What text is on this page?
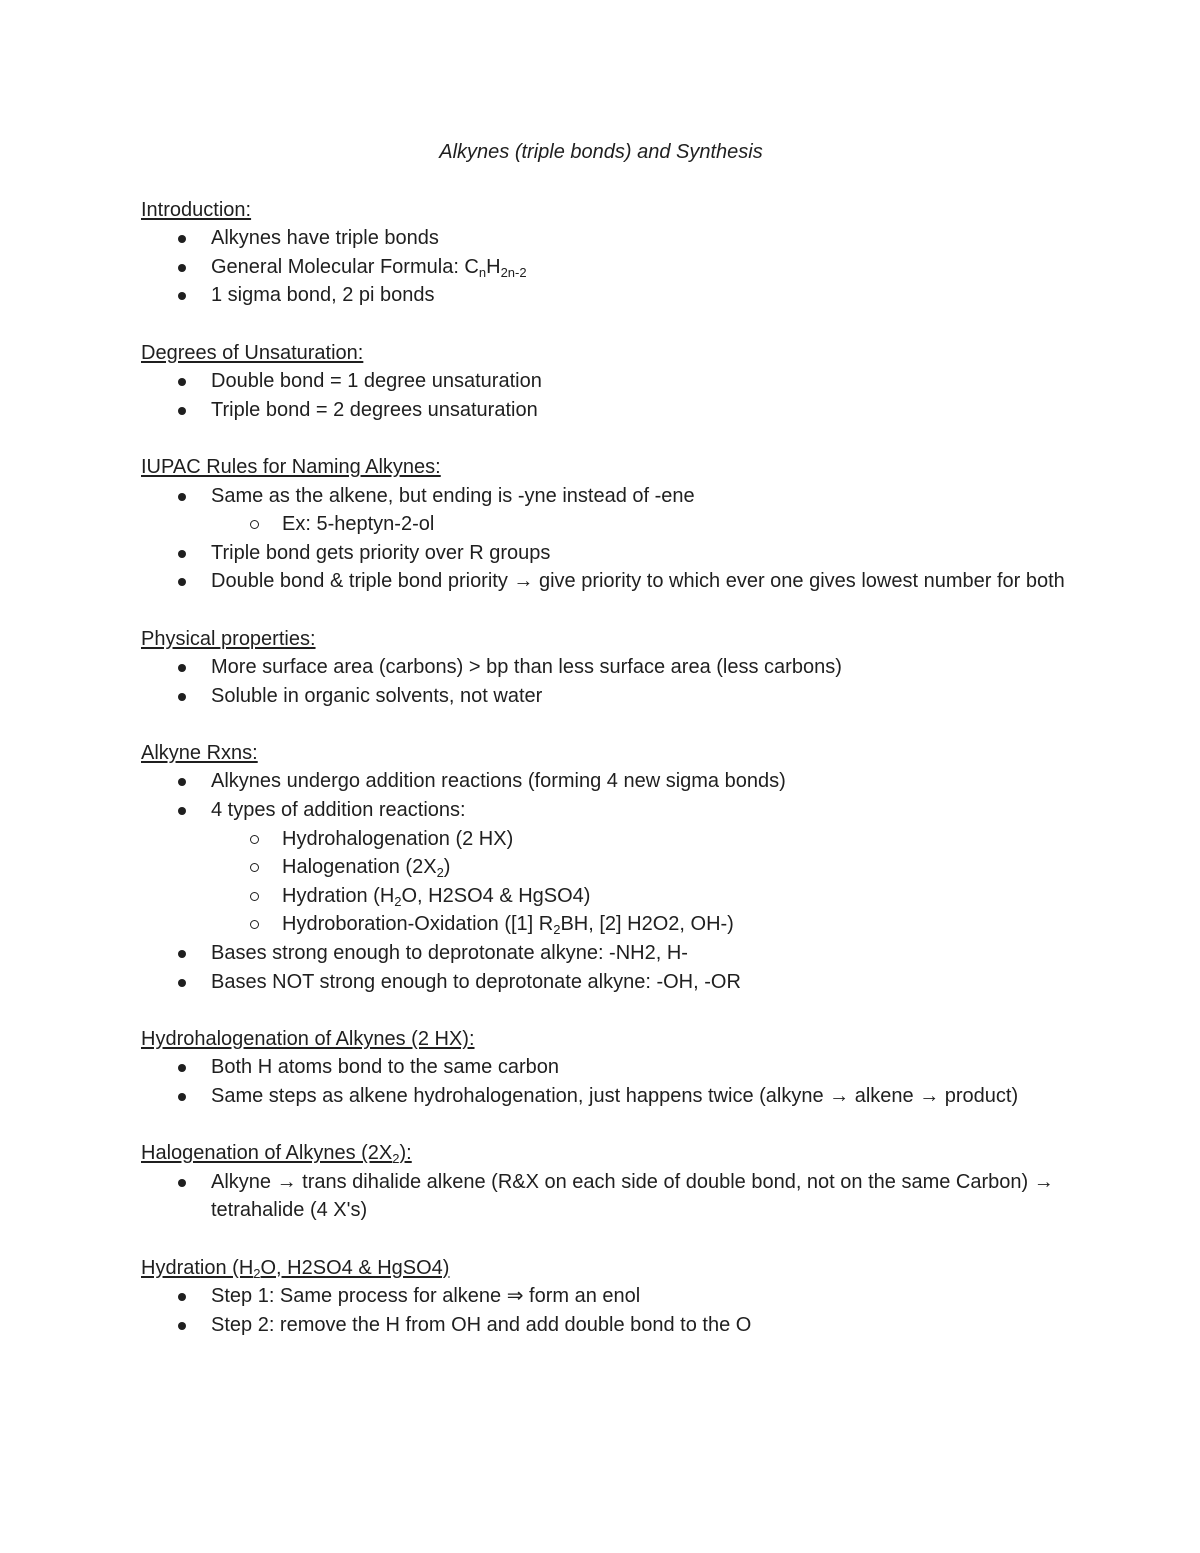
Alkynes (triple bonds) and Synthesis

Introduction:

Alkynes have triple bonds
General Molecular Formula: $C_nH_{2n-2}$
1 sigma bond, 2 pi bonds

Degrees of Unsaturation:

Double bond = 1 degree unsaturation
Triple bond = 2 degrees unsaturation

IUPAC Rules for Naming Alkynes:

Same as the alkene, but ending is -yne instead of -ene
Ex: 5-heptyn-2-ol
Triple bond gets priority over R groups
Double bond & triple bond priority → give priority to which ever one gives lowest number for both

Physical properties:

More surface area (carbons) > bp than less surface area (less carbons)
Soluble in organic solvents, not water

Alkyne Rxns:

Alkynes undergo addition reactions (forming 4 new sigma bonds)
4 types of addition reactions:
Hydrohalogenation (2 HX)
Halogenation $(2X_2)$
Hydration ($H_2O$, H2SO4 & HgSO4)
Hydroboration-Oxidation ([1] $R_2BH$, [2] H2O2, OH-)
Bases strong enough to deprotonate alkyne: -NH2, H-
Bases NOT strong enough to deprotonate alkyne: -OH, -OR

Hydrohalogenation of Alkynes (2 HX):

Both H atoms bond to the same carbon
Same steps as alkene hydrohalogenation, just happens twice (alkyne → alkene → product)

Halogenation of Alkynes $(2X_2)$:

Alkyne → trans dihalide alkene (R&X on each side of double bond, not on the same Carbon) → tetrahalide (4 X's)

Hydration ($H_2O$, H2SO4 & HgSO4)

Step 1: Same process for alkene ⇒ form an enol
Step 2: remove the H from OH and add double bond to the O
